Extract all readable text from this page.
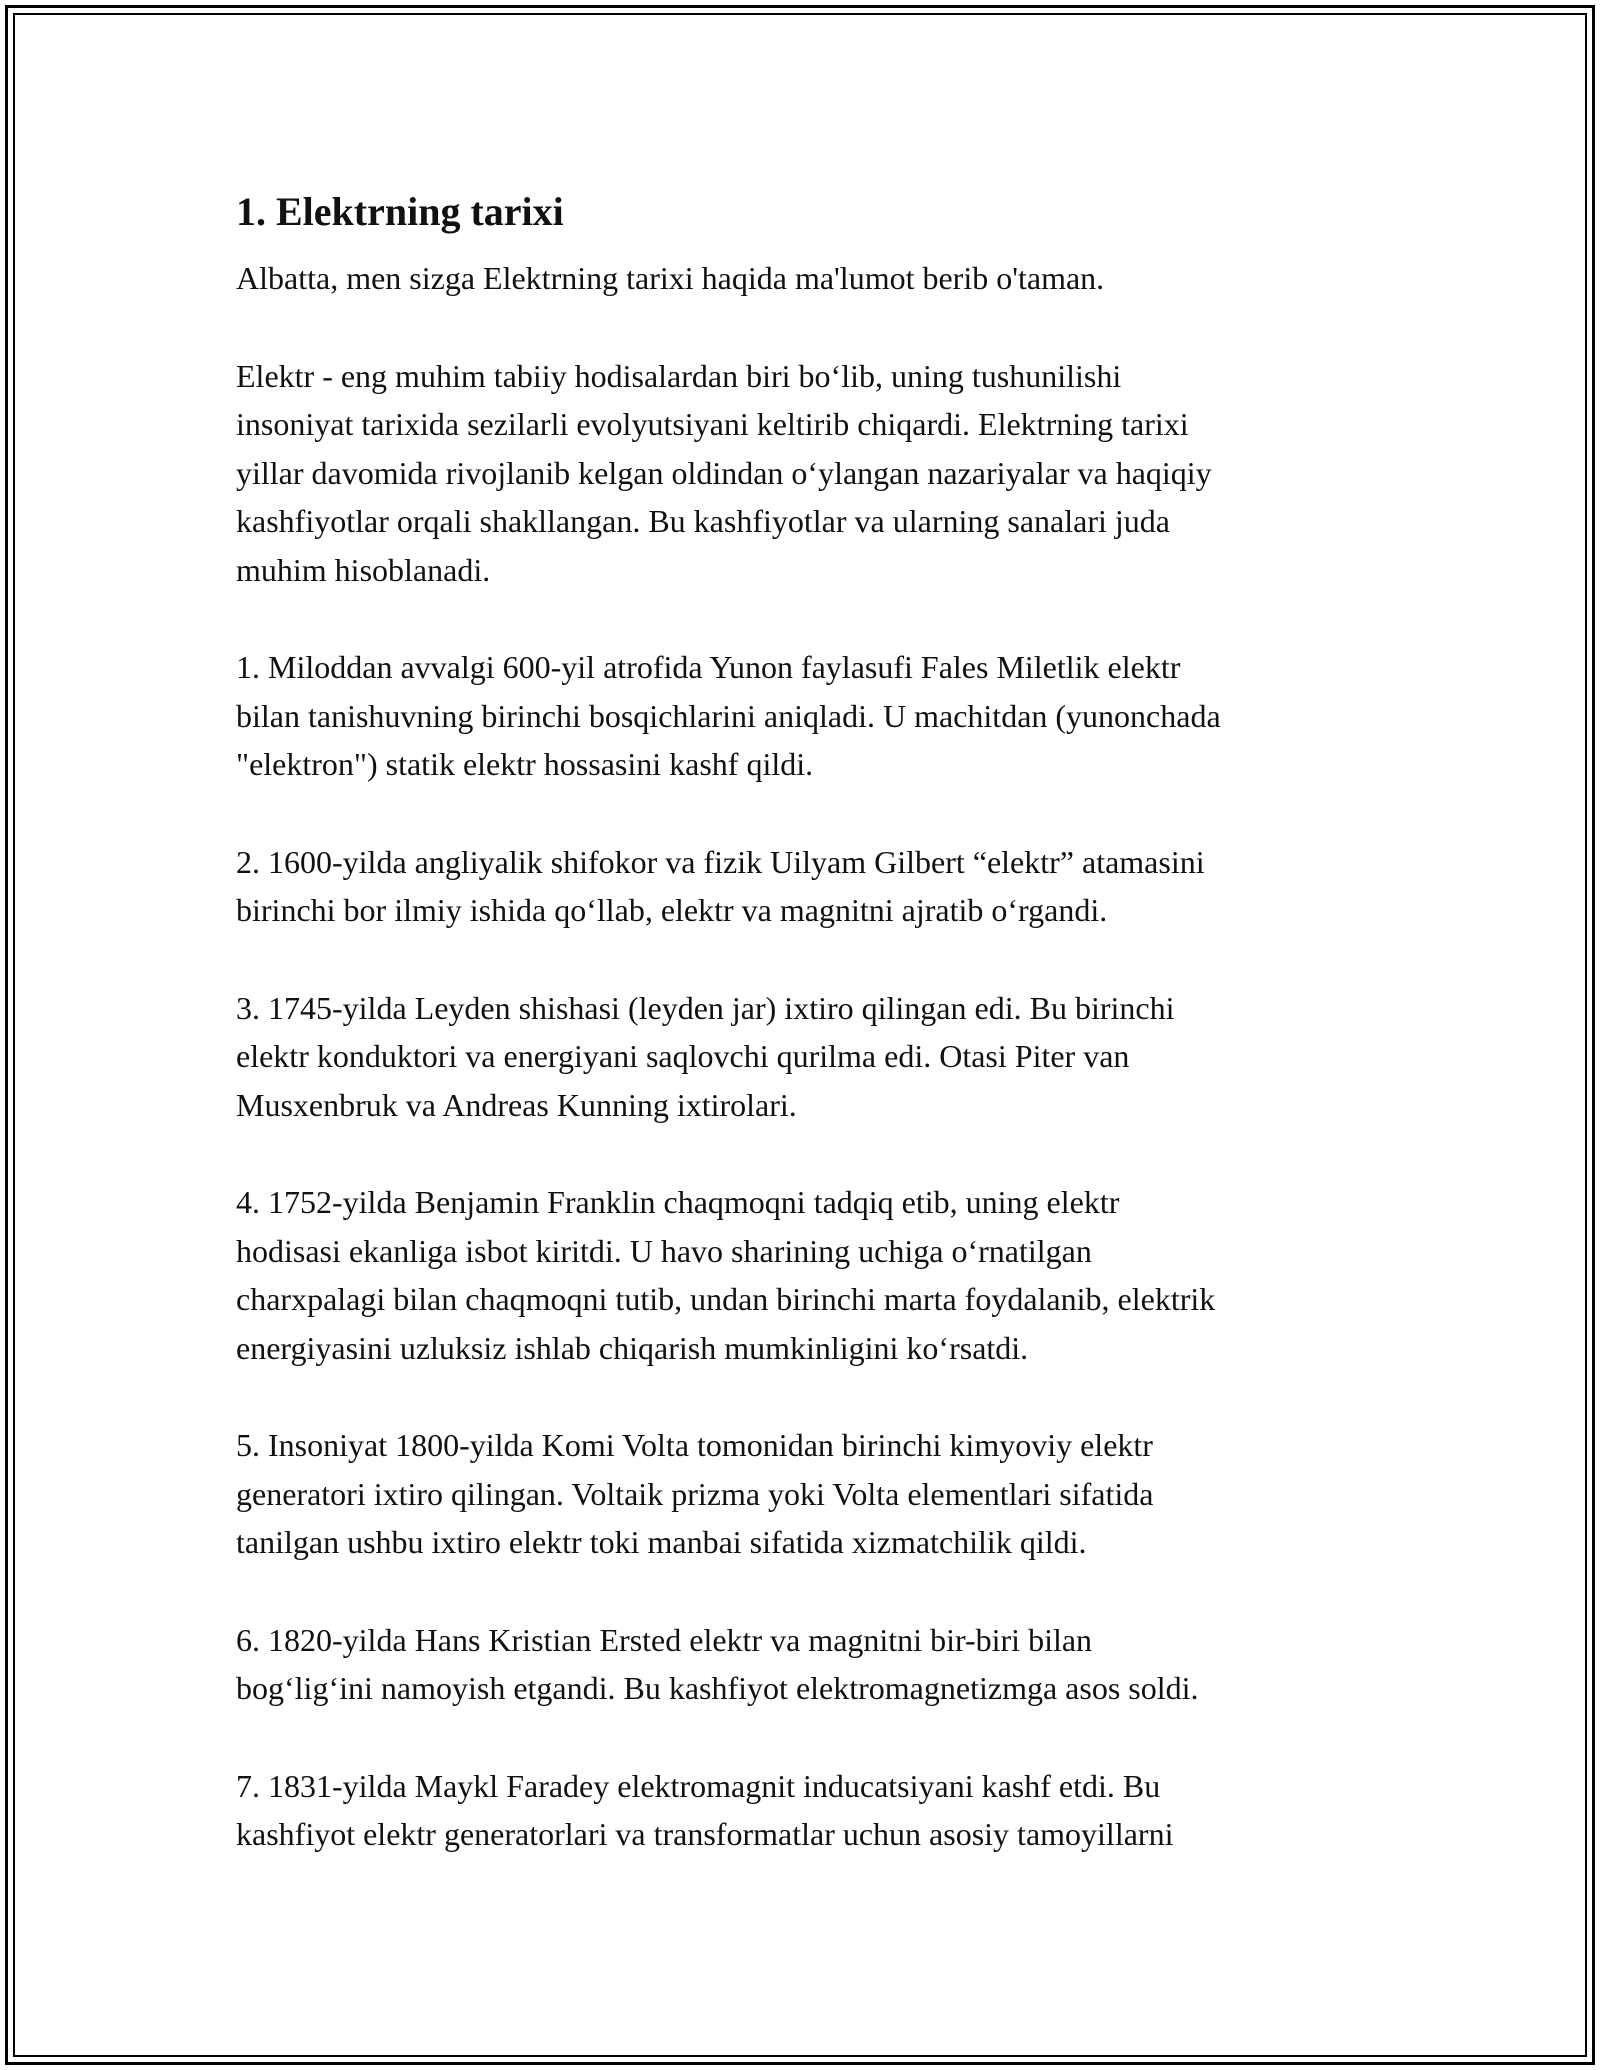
1. Elektrning tarixi

Albatta, men sizga Elektrning tarixi haqida ma'lumot berib o'taman.

Elektr - eng muhim tabiiy hodisalardan biri bo‘lib, uning tushunilishi
insoniyat tarixida sezilarli evolyutsiyani keltirib chiqardi. Elektrning tarixi
yillar davomida rivojlanib kelgan oldindan o‘ylangan nazariyalar va haqiqiy
kashfiyotlar orqali shakllangan. Bu kashfiyotlar va ularning sanalari juda
muhim hisoblanadi.

1. Miloddan avvalgi 600-yil atrofida Yunon faylasufi Fales Miletlik elektr
bilan tanishuvning birinchi bosqichlarini aniqladi. U machitdan (yunonchada
"elektron") statik elektr hossasini kashf qildi.

2. 1600-yilda angliyalik shifokor va fizik Uilyam Gilbert “elektr” atamasini
birinchi bor ilmiy ishida qo‘llab, elektr va magnitni ajratib o‘rgandi.

3. 1745-yilda Leyden shishasi (leyden jar) ixtiro qilingan edi. Bu birinchi
elektr konduktori va energiyani saqlovchi qurilma edi. Otasi Piter van
Musxenbruk va Andreas Kunning ixtirolari.

4. 1752-yilda Benjamin Franklin chaqmoqni tadqiq etib, uning elektr
hodisasi ekanliga isbot kiritdi. U havo sharining uchiga o‘rnatilgan
charxpalagi bilan chaqmoqni tutib, undan birinchi marta foydalanib, elektrik
energiyasini uzluksiz ishlab chiqarish mumkinligini ko‘rsatdi.

5. Insoniyat 1800-yilda Komi Volta tomonidan birinchi kimyoviy elektr
generatori ixtiro qilingan. Voltaik prizma yoki Volta elementlari sifatida
tanilgan ushbu ixtiro elektr toki manbai sifatida xizmatchilik qildi.

6. 1820-yilda Hans Kristian Ersted elektr va magnitni bir-biri bilan
bog‘lig‘ini namoyish etgandi. Bu kashfiyot elektromagnetizmga asos soldi.

7. 1831-yilda Maykl Faradey elektromagnit inducatsiyani kashf etdi. Bu
kashfiyot elektr generatorlari va transformatlar uchun asosiy tamoyillarni
